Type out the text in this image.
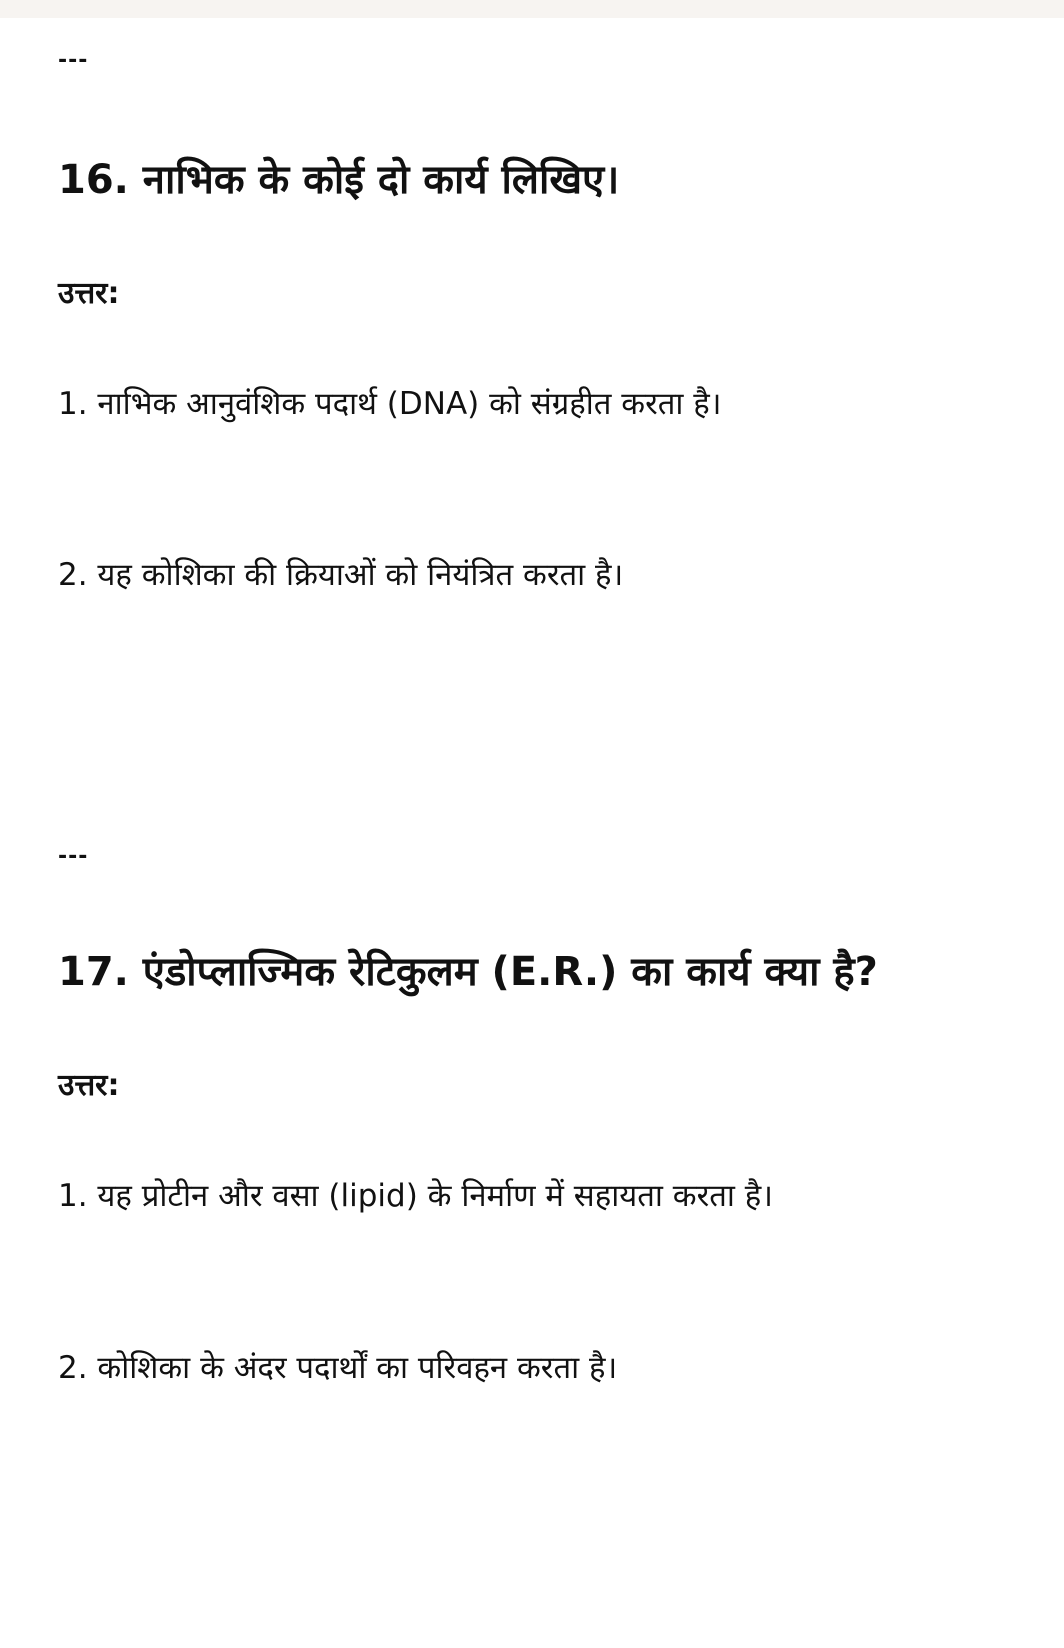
---
16. नाभिक के कोई दो कार्य लिखिए।
उत्तर:
1. नाभिक आनुवंशिक पदार्थ (DNA) को संग्रहीत करता है।
2. यह कोशिका की क्रियाओं को नियंत्रित करता है।
---
17. एंडोप्लाज्मिक रेटिकुलम (E.R.) का कार्य क्या है?
उत्तर:
1. यह प्रोटीन और वसा (lipid) के निर्माण में सहायता करता है।
2. कोशिका के अंदर पदार्थों का परिवहन करता है।
